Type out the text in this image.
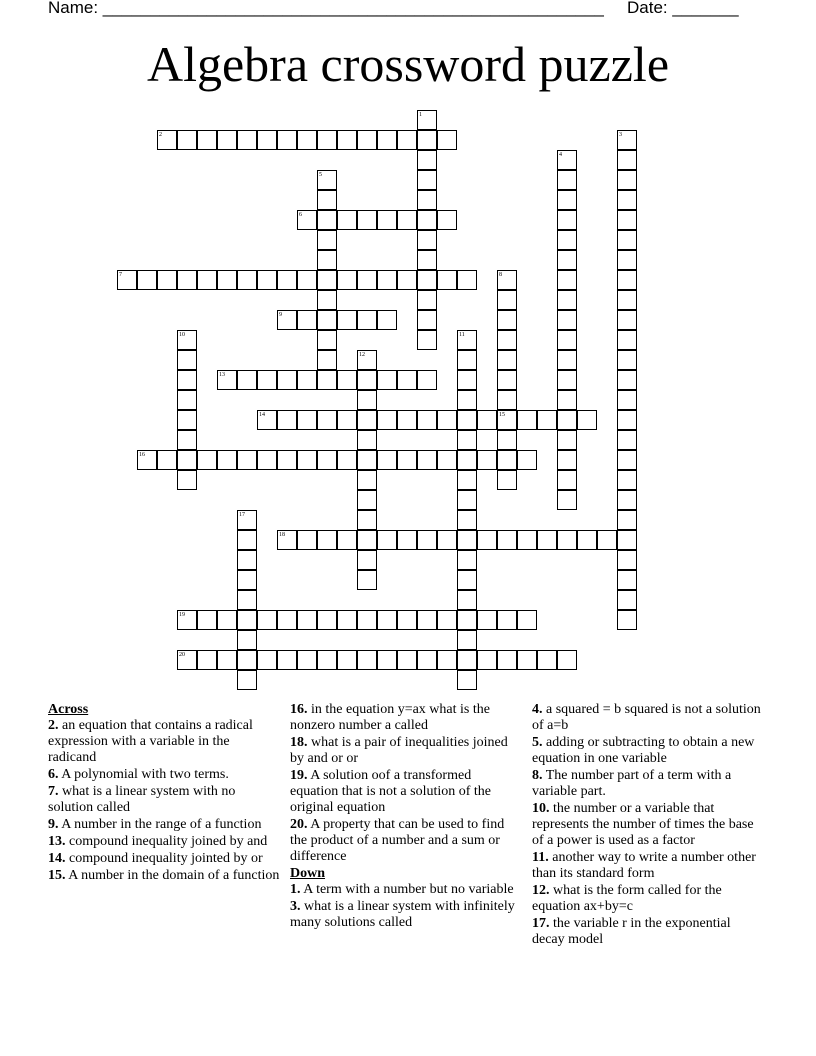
Name: _____________________________________________________ Date: _______
Algebra crossword puzzle
2
6
7
9
13
14	15
16
18
19
20
1
3
4
5
8
10	11
12
17
Across
2. an equation that contains a radical expression with a variable in the radicand
6. A polynomial with two terms.
7. what is a linear system with no solution called
9. A number in the range of a function
13. compound inequality joined by and
14. compound inequality jointed by or
15. A number in the domain of a function
16. in the equation y=ax what is the nonzero number a called
18. what is a pair of inequalities joined by and or or
19. A solution oof a transformed equation that is not a solution of the original equation
20. A property that can be used to find the product of a number and a sum or difference
Down
1. A term with a number but no variable
3. what is a linear system with infinitely many solutions called
4. a squared = b squared is not a solution of a=b
5. adding or subtracting to obtain a new equation in one variable
8. The number part of a term with a variable part.
10. the number or a variable that represents the number of times the base of a power is used as a factor
11. another way to write a number other than its standard form
12. what is the form called for the equation ax+by=c
17. the variable r in the exponential decay model
